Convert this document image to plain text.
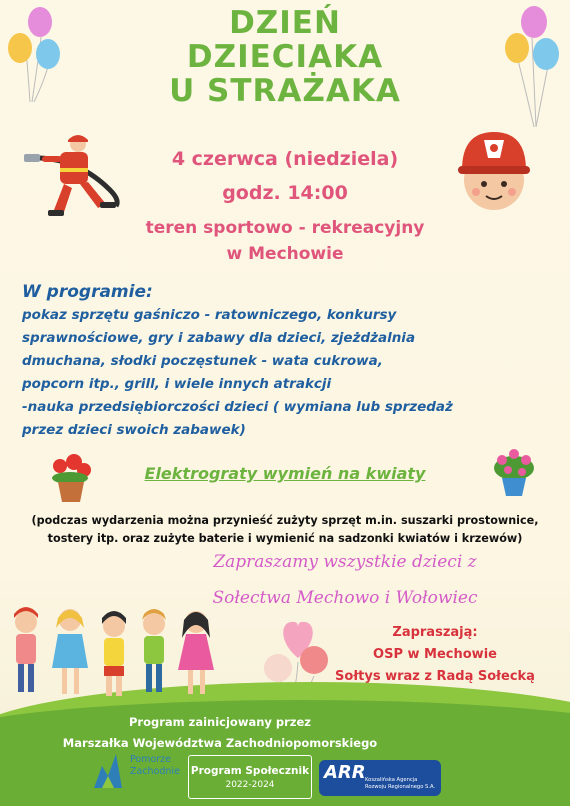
DZIEŃ
DZIECIAKA
U STRAŻAKA
4 czerwca (niedziela)
godz. 14:00
teren sportowo - rekreacyjny
w Mechowie
W programie:
pokaz sprzętu gaśniczo - ratowniczego, konkursy
sprawnościowe, gry i zabawy dla dzieci, zjeżdżalnia
dmuchana, słodki poczęstunek - wata cukrowa,
popcorn itp., grill, i wiele innych atrakcji
-nauka przedsiębiorczości dzieci ( wymiana lub sprzedaż
przez dzieci swoich zabawek)
Elektrograty wymień na kwiaty
(podczas wydarzenia można przynieść zużyty sprzęt m.in. suszarki prostownice,
tostery itp. oraz zużyte baterie i wymienić na sadzonki kwiatów i krzewów)
Zapraszamy wszystkie dzieci z
Sołectwa Mechowo i Wołowiec
Zapraszają:
OSP w Mechowie
Sołtys wraz z Radą Sołecką
Program zainicjowany przez
Marszałka Województwa Zachodniopomorskiego
Pomorze
Zachodnie Program Społecznik
2022-2024
ARR Koszalińska Agencja
Rozwoju Regionalnego S.A.
